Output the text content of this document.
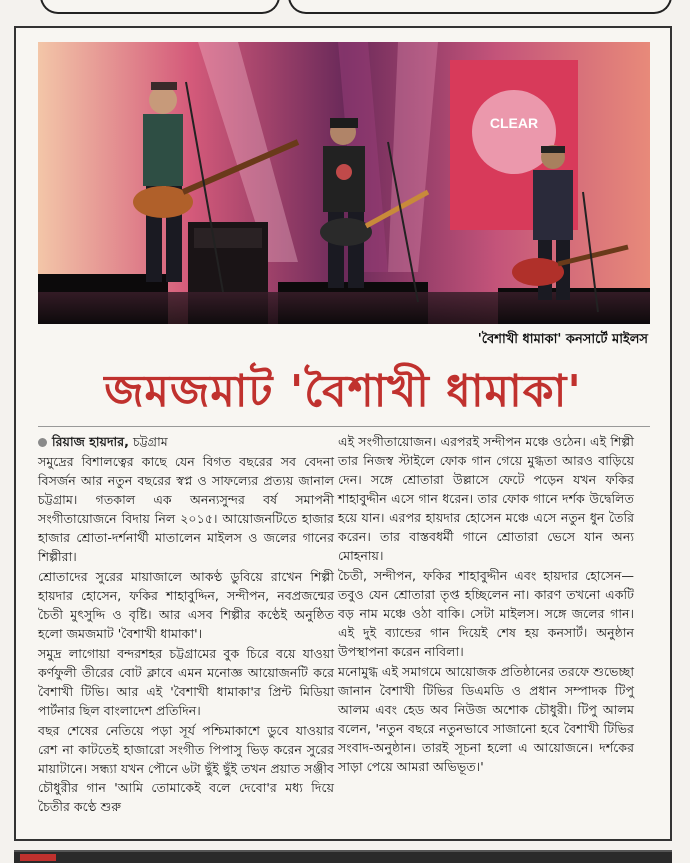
CLEAR
'বৈশাখী ধামাকা' কনসার্টে মাইলস
জমজমাট 'বৈশাখী ধামাকা'

রিয়াজ হায়দার, চট্টগ্রাম

সমুদ্রের বিশালত্বের কাছে যেন বিগত বছরের সব বেদনা বিসর্জন আর নতুন বছরের স্বপ্ন ও সাফল্যের প্রত্যয় জানাল চট্টগ্রাম। গতকাল এক অনন্যসুন্দর বর্ষ সমাপনী সংগীতায়োজনে বিদায় নিল ২০১৫। আয়োজনটিতে হাজার হাজার শ্রোতা-দর্শনার্থী মাতালেন মাইলস ও জলের গানের শিল্পীরা।

শ্রোতাদের সুরের মায়াজালে আকণ্ঠ ডুবিয়ে রাখেন শিল্পী হায়দার হোসেন, ফকির শাহাবুদ্দিন, সন্দীপন, নবপ্রজন্মের চৈতী মুৎসুদ্দি ও বৃষ্টি। আর এসব শিল্পীর কণ্ঠেই অনুষ্ঠিত হলো জমজমাট 'বৈশাখী ধামাকা'।

সমুদ্র লাগোয়া বন্দরশহর চট্টগ্রামের বুক চিরে বয়ে যাওয়া কর্ণফুলী তীরের বোট ক্লাবে এমন মনোজ্ঞ আয়োজনটি করে বৈশাখী টিভি। আর এই 'বৈশাখী ধামাকা'র প্রিন্ট মিডিয়া পার্টনার ছিল বাংলাদেশ প্রতিদিন।

বছর শেষের নেতিয়ে পড়া সূর্য পশ্চিমাকাশে ডুবে যাওয়ার রেশ না কাটতেই হাজারো সংগীত পিপাসু ভিড় করেন সুরের মায়াটানে। সন্ধ্যা যখন পৌনে ৬টা ছুঁই ছুঁই তখন প্রয়াত সঞ্জীব চৌধুরীর গান 'আমি তোমাকেই বলে দেবো'র মধ্য দিয়ে চৈতীর কণ্ঠে শুরু

এই সংগীতায়োজন। এরপরই সন্দীপন মঞ্চে ওঠেন। এই শিল্পী তার নিজস্ব স্টাইলে ফোক গান গেয়ে মুগ্ধতা আরও বাড়িয়ে দেন। সঙ্গে শ্রোতারা উল্লাসে ফেটে পড়েন যখন ফকির শাহাবুদ্দীন এসে গান ধরেন। তার ফোক গানে দর্শক উদ্বেলিত হয়ে যান। এরপর হায়দার হোসেন মঞ্চে এসে নতুন ধুন তৈরি করেন। তার বাস্তবধর্মী গানে শ্রোতারা ভেসে যান অন্য মোহনায়।

চৈতী, সন্দীপন, ফকির শাহাবুদ্দীন এবং হায়দার হোসেন— তবুও যেন শ্রোতারা তৃপ্ত হচ্ছিলেন না। কারণ তখনো একটি বড় নাম মঞ্চে ওঠা বাকি। সেটা মাইলস। সঙ্গে জলের গান। এই দুই ব্যান্ডের গান দিয়েই শেষ হয় কনসার্ট। অনুষ্ঠান উপস্থাপনা করেন নাবিলা।

মনোমুগ্ধ এই সমাগমে আয়োজক প্রতিষ্ঠানের তরফে শুভেচ্ছা জানান বৈশাখী টিভির ডিএমডি ও প্রধান সম্পাদক টিপু আলম এবং হেড অব নিউজ অশোক চৌধুরী। টিপু আলম বলেন, 'নতুন বছরে নতুনভাবে সাজানো হবে বৈশাখী টিভির সংবাদ-অনুষ্ঠান। তারই সূচনা হলো এ আয়োজনে। দর্শকের সাড়া পেয়ে আমরা অভিভূত।'
